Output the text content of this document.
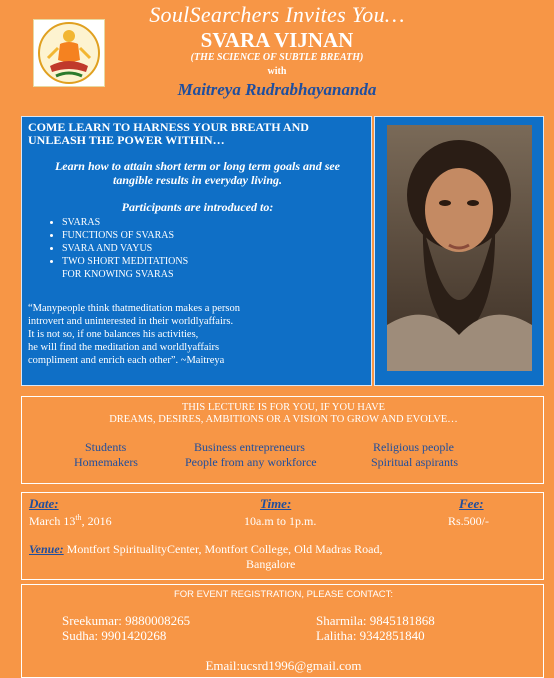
SoulSearchers Invites You…
SVARA VIJNAN
(THE SCIENCE OF SUBTLE BREATH)
with
Maitreya Rudrabhayananda
COME LEARN TO HARNESS YOUR BREATH AND UNLEASH THE POWER WITHIN…
Learn how to attain short term or long term goals and see tangible results in everyday living.
Participants are introduced to:
• SVARAS
• FUNCTIONS OF SVARAS
• SVARA AND VAYUS
• TWO SHORT MEDITATIONS
FOR KNOWING SVARAS
“Manypeople think thatmeditation makes a person
introvert and uninterested in their worldlyaffairs.
It is not so, if one balances his activities,
he will find the meditation and worldlyaffairs
compliment and enrich each other”. ~Maitreya
THIS LECTURE IS FOR YOU, IF YOU HAVE
DREAMS, DESIRES, AMBITIONS OR A VISION TO GROW AND EVOLVE…
Students	Business entrepreneurs	Religious people
Homemakers	People from any workforce	Spiritual aspirants
Date:
March 13th, 2016
Time:
10a.m to 1p.m.
Fee:
Rs.500/-
Venue: Montfort SpiritualityCenter, Montfort College, Old Madras Road,
Bangalore
FOR EVENT REGISTRATION, PLEASE CONTACT:
Sreekumar: 9880008265	Sharmila: 9845181868
Sudha: 9901420268	Lalitha: 9342851840
Email:ucsrd1996@gmail.com
